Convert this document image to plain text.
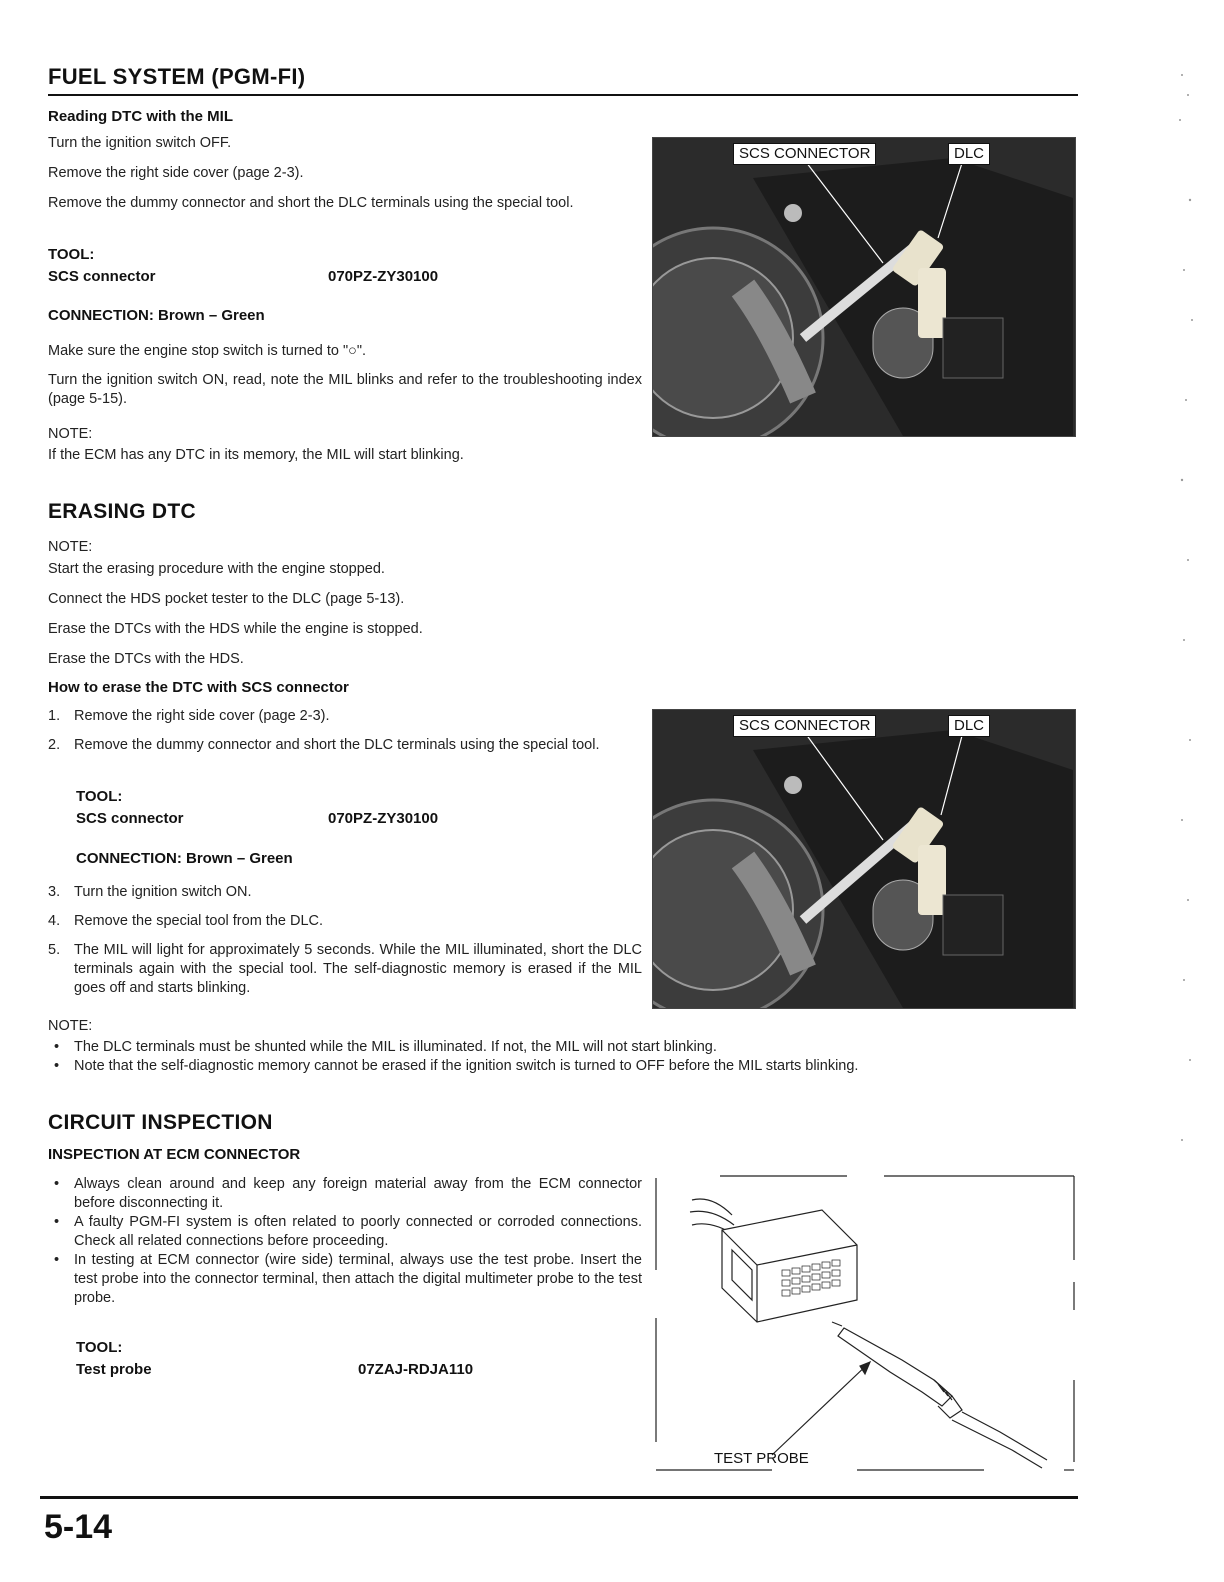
FUEL SYSTEM (PGM-FI)
Reading DTC with the MIL
Turn the ignition switch OFF.
Remove the right side cover (page 2-3).
Remove the dummy connector and short the DLC terminals using the special tool.
TOOL:
SCS connector	070PZ-ZY30100
CONNECTION: Brown – Green
Make sure the engine stop switch is turned to "○".
Turn the ignition switch ON, read, note the MIL blinks and refer to the troubleshooting index (page 5-15).
NOTE:
If the ECM has any DTC in its memory, the MIL will start blinking.
SCS CONNECTOR	DLC
ERASING DTC
NOTE:
Start the erasing procedure with the engine stopped.
Connect the HDS pocket tester to the DLC (page 5-13).
Erase the DTCs with the HDS while the engine is stopped.
Erase the DTCs with the HDS.
How to erase the DTC with SCS connector
1. Remove the right side cover (page 2-3).
2. Remove the dummy connector and short the DLC terminals using the special tool.
TOOL:
SCS connector	070PZ-ZY30100
CONNECTION: Brown – Green
3. Turn the ignition switch ON.
4. Remove the special tool from the DLC.
5. The MIL will light for approximately 5 seconds. While the MIL illuminated, short the DLC terminals again with the special tool. The self-diagnostic memory is erased if the MIL goes off and starts blinking.
SCS CONNECTOR	DLC
NOTE:
• The DLC terminals must be shunted while the MIL is illuminated. If not, the MIL will not start blinking.
• Note that the self-diagnostic memory cannot be erased if the ignition switch is turned to OFF before the MIL starts blinking.
CIRCUIT INSPECTION
INSPECTION AT ECM CONNECTOR
• Always clean around and keep any foreign material away from the ECM connector before disconnecting it.
• A faulty PGM-FI system is often related to poorly connected or corroded connections. Check all related connections before proceeding.
• In testing at ECM connector (wire side) terminal, always use the test probe. Insert the test probe into the connector terminal, then attach the digital multimeter probe to the test probe.
TOOL:
Test probe	07ZAJ-RDJA110
TEST PROBE
5-14
